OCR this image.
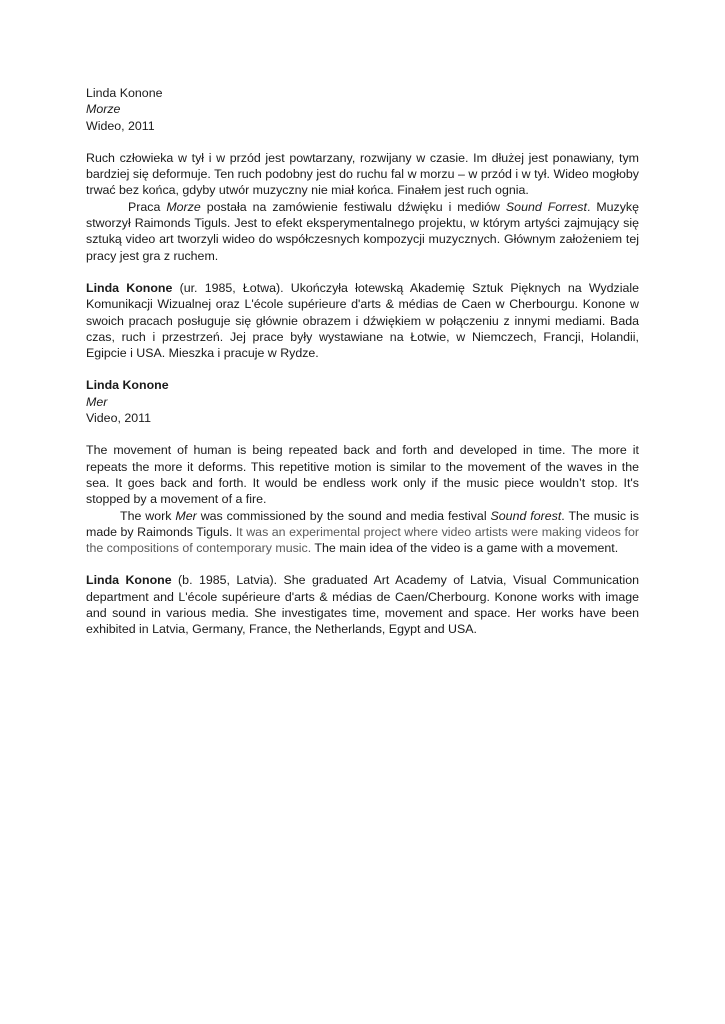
Linda Konone

Morze

Wideo, 2011

Ruch człowieka w tył i w przód jest powtarzany, rozwijany w czasie. Im dłużej jest ponawiany, tym bardziej się deformuje. Ten ruch podobny jest do ruchu fal w morzu – w przód i w tył. Wideo mogłoby trwać bez końca, gdyby utwór muzyczny nie miał końca. Finałem jest ruch ognia.

Praca Morze postała na zamówienie festiwalu dźwięku i mediów Sound Forrest. Muzykę stworzył Raimonds Tiguls. Jest to efekt eksperymentalnego projektu, w którym artyści zajmujący się sztuką video art tworzyli wideo do współczesnych kompozycji muzycznych. Głównym założeniem tej pracy jest gra z ruchem.

Linda Konone (ur. 1985, Łotwa). Ukończyła łotewską Akademię Sztuk Pięknych na Wydziale Komunikacji Wizualnej oraz L'école supérieure d'arts & médias de Caen w Cherbourgu. Konone w swoich pracach posługuje się głównie obrazem i dźwiękiem w połączeniu z innymi mediami. Bada czas, ruch i przestrzeń. Jej prace były wystawiane na Łotwie, w Niemczech, Francji, Holandii, Egipcie i USA. Mieszka i pracuje w Rydze.

Linda Konone

Mer

Video, 2011

The movement of human is being repeated back and forth and developed in time. The more it repeats the more it deforms. This repetitive motion is similar to the movement of the waves in the sea. It goes back and forth. It would be endless work only if the music piece wouldn’t stop. It's stopped by a movement of a fire.

The work Mer was commissioned by the sound and media festival Sound forest. The music is made by Raimonds Tiguls. It was an experimental project where video artists were making videos for the compositions of contemporary music. The main idea of the video is a game with a movement.

Linda Konone (b. 1985, Latvia). She graduated Art Academy of Latvia, Visual Communication department and L'école supérieure d'arts & médias de Caen/Cherbourg. Konone works with image and sound in various media. She investigates time, movement and space. Her works have been exhibited in Latvia, Germany, France, the Netherlands, Egypt and USA.
